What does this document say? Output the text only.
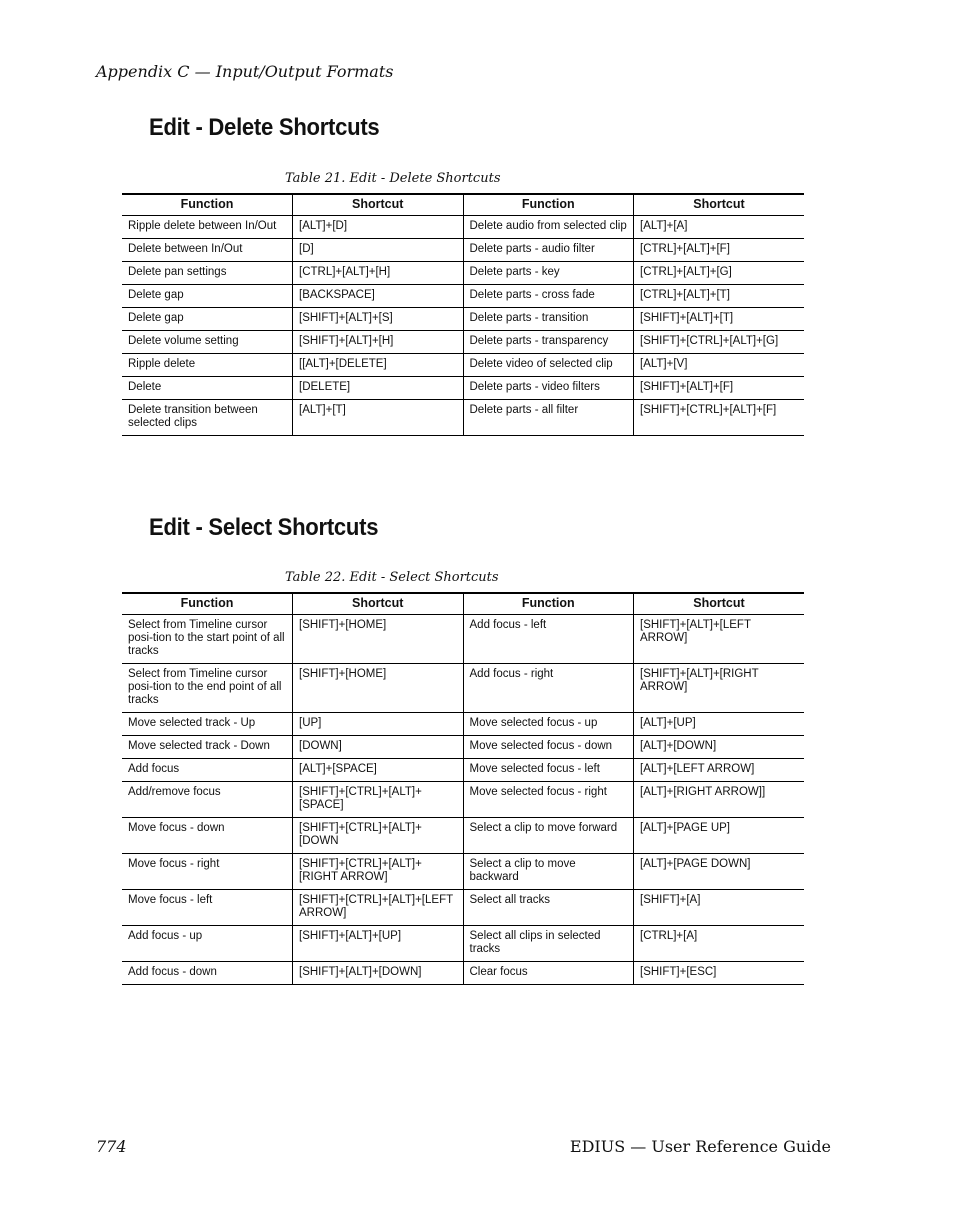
Appendix C — Input/Output Formats
Edit - Delete Shortcuts
Table 21. Edit - Delete Shortcuts
Function	Shortcut	Function	Shortcut
Ripple delete between In/Out	[ALT]+[D]	Delete audio from selected clip	[ALT]+[A]
Delete between In/Out	[D]	Delete parts - audio filter	[CTRL]+[ALT]+[F]
Delete pan settings	[CTRL]+[ALT]+[H]	Delete parts - key	[CTRL]+[ALT]+[G]
Delete gap	[BACKSPACE]	Delete parts - cross fade	[CTRL]+[ALT]+[T]
Delete gap	[SHIFT]+[ALT]+[S]	Delete parts - transition	[SHIFT]+[ALT]+[T]
Delete volume setting	[SHIFT]+[ALT]+[H]	Delete parts - transparency	[SHIFT]+[CTRL]+[ALT]+[G]
Ripple delete	[[ALT]+[DELETE]	Delete video of selected clip	[ALT]+[V]
Delete	[DELETE]	Delete parts - video filters	[SHIFT]+[ALT]+[F]
Delete transition between selected clips	[ALT]+[T]	Delete parts - all filter	[SHIFT]+[CTRL]+[ALT]+[F]
Edit - Select Shortcuts
Table 22. Edit - Select Shortcuts
Function	Shortcut	Function	Shortcut
Select from Timeline cursor posi-tion to the start point of all tracks	[SHIFT]+[HOME]	Add focus - left	[SHIFT]+[ALT]+[LEFT ARROW]
Select from Timeline cursor posi-tion to the end point of all tracks	[SHIFT]+[HOME]	Add focus - right	[SHIFT]+[ALT]+[RIGHT ARROW]
Move selected track - Up	[UP]	Move selected focus - up	[ALT]+[UP]
Move selected track - Down	[DOWN]	Move selected focus - down	[ALT]+[DOWN]
Add focus	[ALT]+[SPACE]	Move selected focus - left	[ALT]+[LEFT ARROW]
Add/remove focus	[SHIFT]+[CTRL]+[ALT]+[SPACE]	Move selected focus - right	[ALT]+[RIGHT ARROW]]
Move focus - down	[SHIFT]+[CTRL]+[ALT]+[DOWN	Select a clip to move forward	[ALT]+[PAGE UP]
Move focus - right	[SHIFT]+[CTRL]+[ALT]+[RIGHT ARROW]	Select a clip to move backward	[ALT]+[PAGE DOWN]
Move focus - left	[SHIFT]+[CTRL]+[ALT]+[LEFT ARROW]	Select all tracks	[SHIFT]+[A]
Add focus - up	[SHIFT]+[ALT]+[UP]	Select all clips in selected tracks	[CTRL]+[A]
Add focus - down	[SHIFT]+[ALT]+[DOWN]	Clear focus	[SHIFT]+[ESC]
774	EDIUS — User Reference Guide
